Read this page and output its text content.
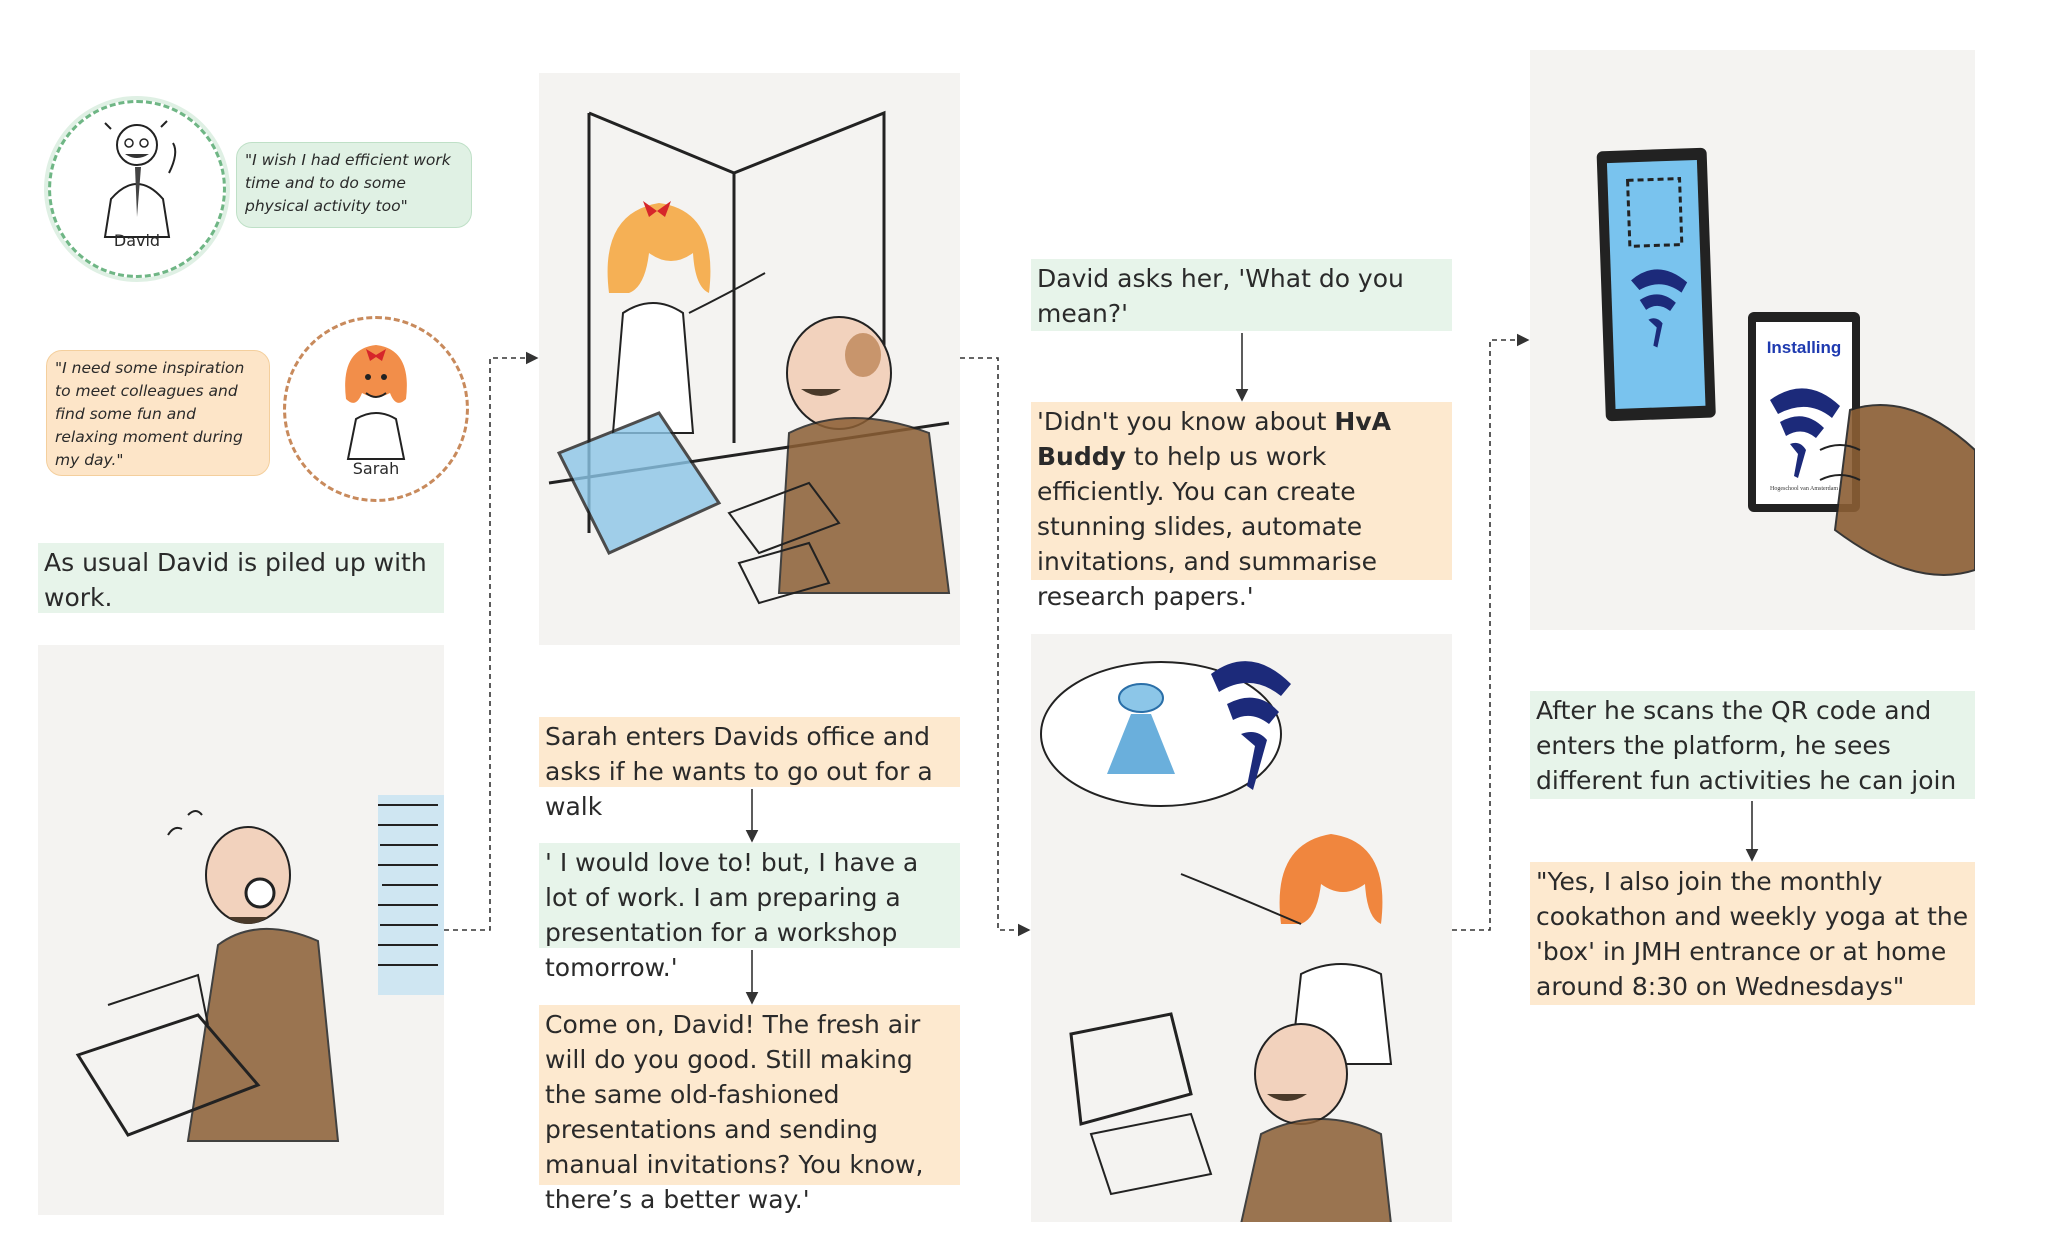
David
"I wish I had efficient work time and to do some physical activity too"
"I need some inspiration to meet colleagues and find some fun and relaxing moment during my day."	Sarah
As usual David is piled up with work.
Sarah enters Davids office and asks if he wants to go out for a walk
' I would love to! but, I have a lot of work. I am preparing a presentation for a workshop tomorrow.'
Come on, David! The fresh air will do you good. Still making the same old-fashioned presentations and sending manual invitations? You know, there’s a better way.'
David asks her, 'What do you mean?'
'Didn't you know about HvA Buddy to help us work efficiently. You can create stunning slides, automate invitations, and summarise research papers.'
Installing
Hogeschool van Amsterdam
After he scans the QR code and enters the platform, he sees different fun activities he can join
"Yes, I also join the monthly cookathon and weekly yoga at the 'box' in JMH entrance or at home around 8:30 on Wednesdays"
